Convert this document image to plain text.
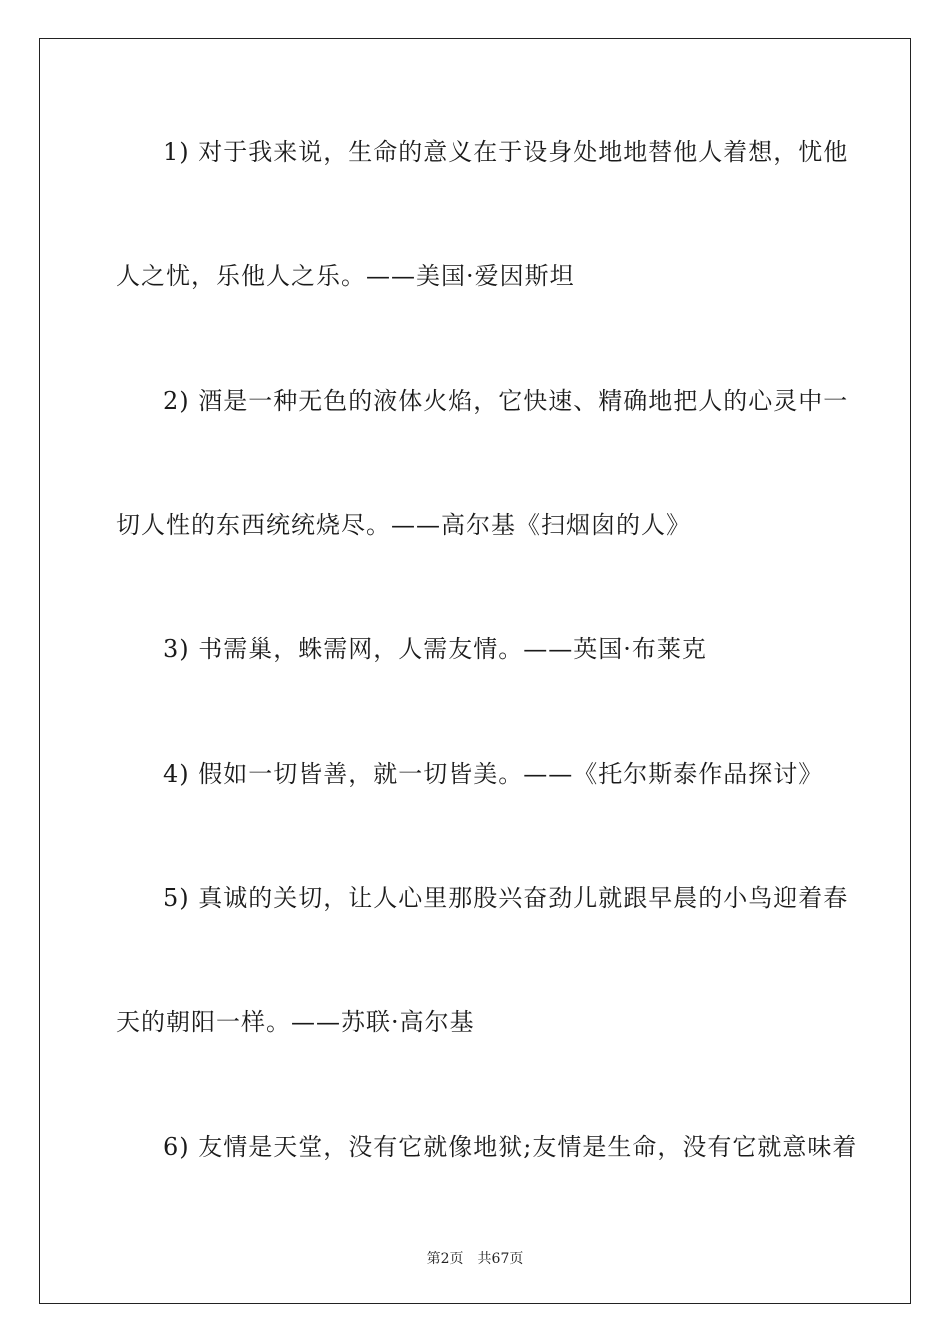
1) 对于我来说，生命的意义在于设身处地地替他人着想，忧他
人之忧，乐他人之乐。——美国·爱因斯坦
2) 酒是一种无色的液体火焰，它快速、精确地把人的心灵中一
切人性的东西统统烧尽。——高尔基《扫烟囱的人》
3) 书需巢，蛛需网，人需友情。——英国·布莱克
4) 假如一切皆善，就一切皆美。——《托尔斯泰作品探讨》
5) 真诚的关切，让人心里那股兴奋劲儿就跟早晨的小鸟迎着春
天的朝阳一样。——苏联·高尔基
6) 友情是天堂，没有它就像地狱;友情是生命，没有它就意味着
第2页　共67页
